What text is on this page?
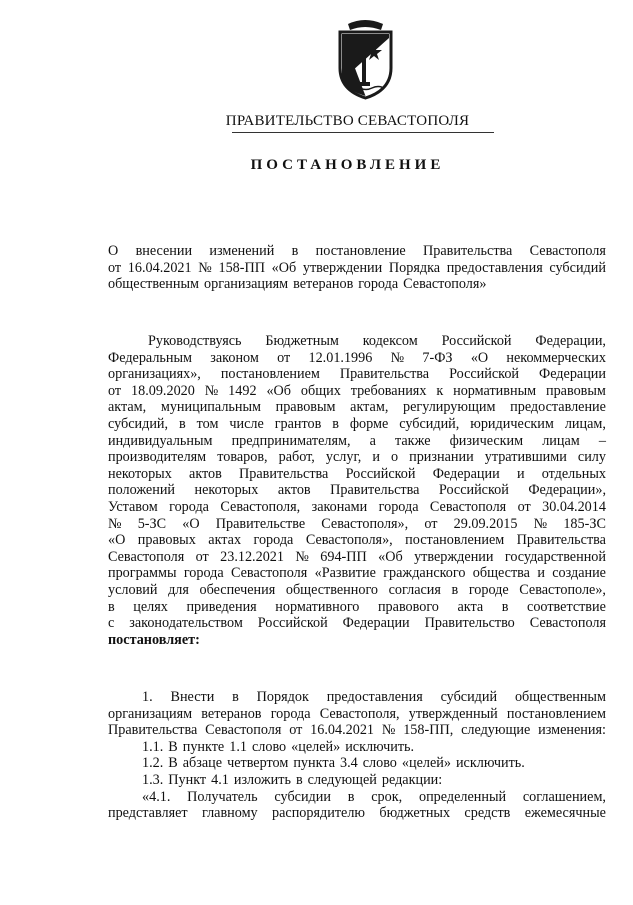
ПРАВИТЕЛЬСТВО СЕВАСТОПОЛЯ
ПОСТАНОВЛЕНИЕ
О внесении изменений в постановление Правительства Севастополя
от 16.04.2021 № 158-ПП «Об утверждении Порядка предоставления субсидий
общественным организациям ветеранов города Севастополя»
Руководствуясь Бюджетным кодексом Российской Федерации,
Федеральным законом от 12.01.1996 № 7-ФЗ «О некоммерческих
организациях», постановлением Правительства Российской Федерации
от 18.09.2020 № 1492 «Об общих требованиях к нормативным правовым
актам, муниципальным правовым актам, регулирующим предоставление
субсидий, в том числе грантов в форме субсидий, юридическим лицам,
индивидуальным предпринимателям, а также физическим лицам –
производителям товаров, работ, услуг, и о признании утратившими силу
некоторых актов Правительства Российской Федерации и отдельных
положений некоторых актов Правительства Российской Федерации»,
Уставом города Севастополя, законами города Севастополя от 30.04.2014
№ 5-ЗС «О Правительстве Севастополя», от 29.09.2015 № 185-ЗС
«О правовых актах города Севастополя», постановлением Правительства
Севастополя от 23.12.2021 № 694-ПП «Об утверждении государственной
программы города Севастополя «Развитие гражданского общества и создание
условий для обеспечения общественного согласия в городе Севастополе»,
в целях приведения нормативного правового акта в соответствие
с законодательством Российской Федерации Правительство Севастополя
постановляет:
1. Внести в Порядок предоставления субсидий общественным
организациям ветеранов города Севастополя, утвержденный постановлением
Правительства Севастополя от 16.04.2021 № 158-ПП, следующие изменения:
1.1. В пункте 1.1 слово «целей» исключить.
1.2. В абзаце четвертом пункта 3.4 слово «целей» исключить.
1.3. Пункт 4.1 изложить в следующей редакции:
«4.1. Получатель субсидии в срок, определенный соглашением,
представляет главному распорядителю бюджетных средств ежемесячные
